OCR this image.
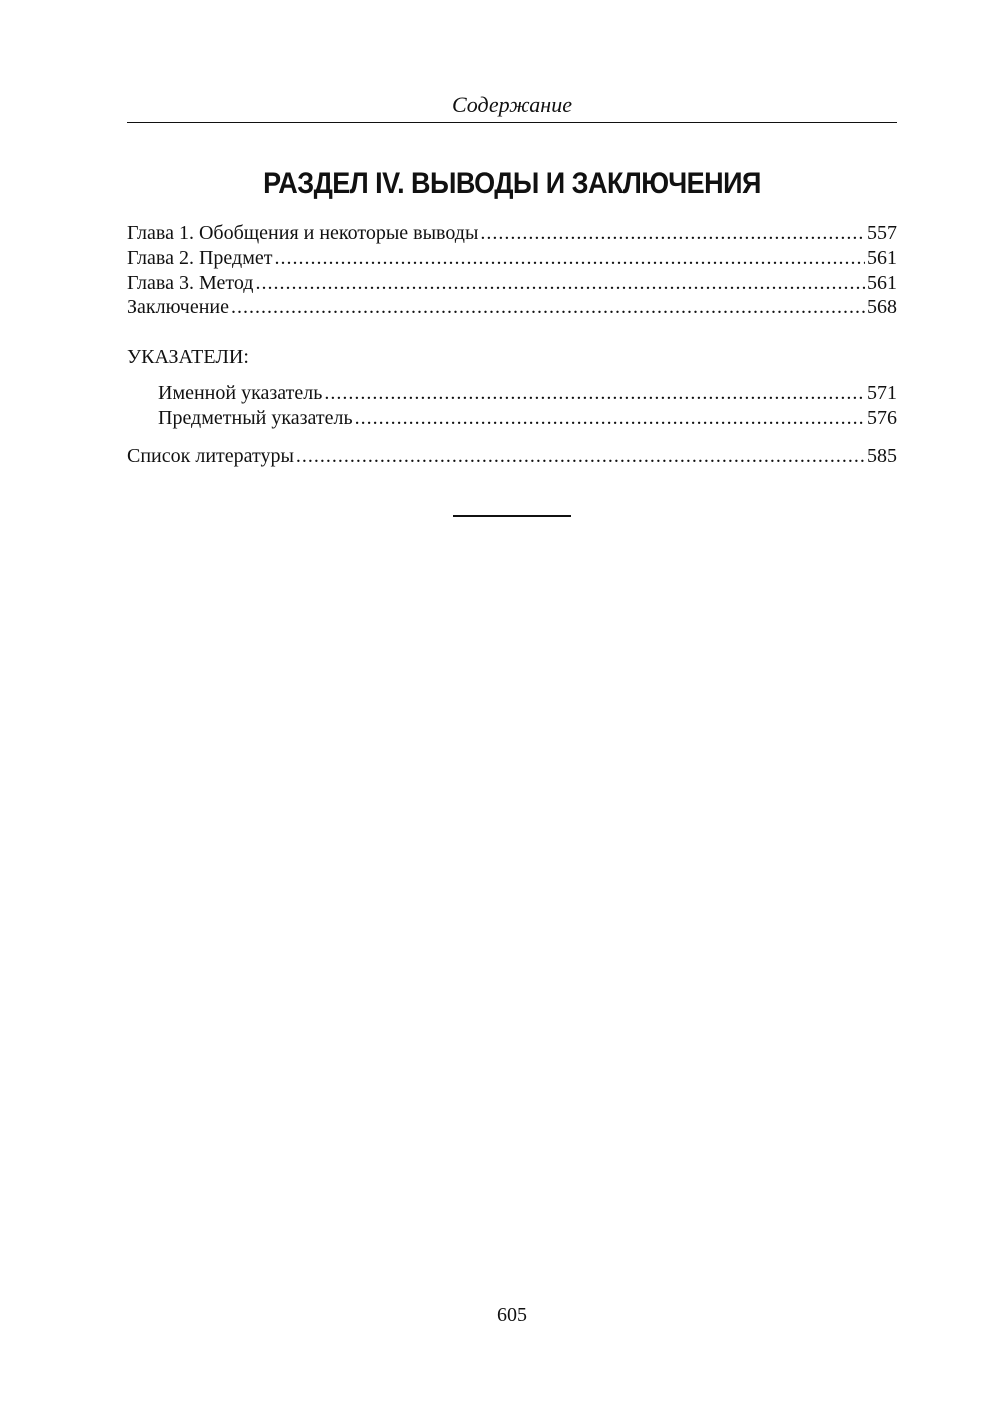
Содержание
РАЗДЕЛ IV. ВЫВОДЫ И ЗАКЛЮЧЕНИЯ
Глава 1. Обобщения и некоторые выводы .....	557
Глава 2. Предмет .....	561
Глава 3. Метод .....	561
Заключение .....	568
УКАЗАТЕЛИ:
Именной указатель .....	571
Предметный указатель .....	576
Список литературы .....	585
605
